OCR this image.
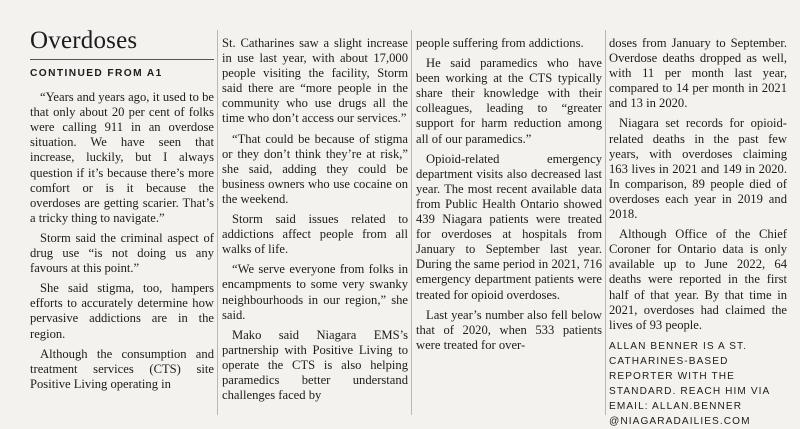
Overdoses
CONTINUED FROM A1

“Years and years ago, it used to be that only about 20 per cent of folks were calling 911 in an overdose situation. We have seen that increase, luckily, but I always question if it’s because there’s more comfort or is it because the overdoses are getting scarier. That’s a tricky thing to navigate.”

Storm said the criminal aspect of drug use “is not doing us any favours at this point.”

She said stigma, too, hampers efforts to accurately determine how pervasive addictions are in the region.

Although the consumption and treatment services (CTS) site Positive Living operating in

St. Catharines saw a slight increase in use last year, with about 17,000 people visiting the facility, Storm said there are “more people in the community who use drugs all the time who don’t access our services.”

“That could be because of stigma or they don’t think they’re at risk,” she said, adding they could be business owners who use cocaine on the weekend.

Storm said issues related to addictions affect people from all walks of life.

“We serve everyone from folks in encampments to some very swanky neighbourhoods in our region,” she said.

Mako said Niagara EMS’s partnership with Positive Living to operate the CTS is also helping paramedics better understand challenges faced by

people suffering from addictions.

He said paramedics who have been working at the CTS typically share their knowledge with their colleagues, leading to “greater support for harm reduction among all of our paramedics.”

Opioid-related emergency department visits also decreased last year. The most recent available data from Public Health Ontario showed 439 Niagara patients were treated for overdoses at hospitals from January to September last year. During the same period in 2021, 716 emergency department patients were treated for opioid overdoses.

Last year’s number also fell below that of 2020, when 533 patients were treated for over-

doses from January to September. Overdose deaths dropped as well, with 11 per month last year, compared to 14 per month in 2021 and 13 in 2020.

Niagara set records for opioid-related deaths in the past few years, with overdoses claiming 163 lives in 2021 and 149 in 2020. In comparison, 89 people died of overdoses each year in 2019 and 2018.

Although Office of the Chief Coroner for Ontario data is only available up to June 2022, 64 deaths were reported in the first half of that year. By that time in 2021, overdoses had claimed the lives of 93 people.

ALLAN BENNER IS A ST. CATHARINES-BASED REPORTER WITH THE STANDARD. REACH HIM VIA EMAIL: ALLAN.BENNER @NIAGARADAILIES.COM
